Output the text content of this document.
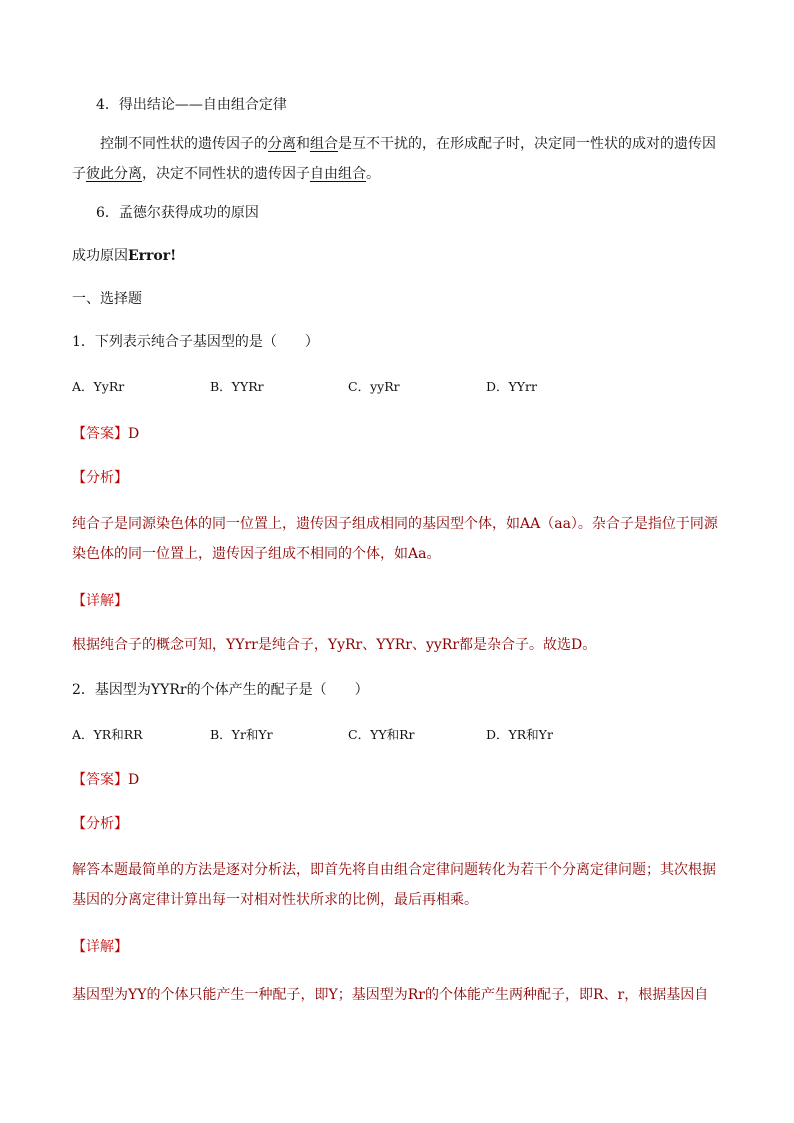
4．得出结论——自由组合定律
控制不同性状的遗传因子的分离和组合是互不干扰的，在形成配子时，决定同一性状的成对的遗传因子彼此分离，决定不同性状的遗传因子自由组合。
6．孟德尔获得成功的原因
成功原因Error!
一、选择题
1．下列表示纯合子基因型的是（　　）
A．YyRr	B．YYRr	C．yyRr	D．YYrr
【答案】D
【分析】
纯合子是同源染色体的同一位置上，遗传因子组成相同的基因型个体，如AA（aa）。杂合子是指位于同源染色体的同一位置上，遗传因子组成不相同的个体，如Aa。
【详解】
根据纯合子的概念可知，YYrr是纯合子，YyRr、YYRr、yyRr都是杂合子。故选D。
2．基因型为YYRr的个体产生的配子是（　　）
A．YR和RR	B．Yr和Yr	C．YY和Rr	D．YR和Yr
【答案】D
【分析】
解答本题最简单的方法是逐对分析法，即首先将自由组合定律问题转化为若干个分离定律问题；其次根据基因的分离定律计算出每一对相对性状所求的比例，最后再相乘。
【详解】
基因型为YY的个体只能产生一种配子，即Y；基因型为Rr的个体能产生两种配子，即R、r，根据基因自
